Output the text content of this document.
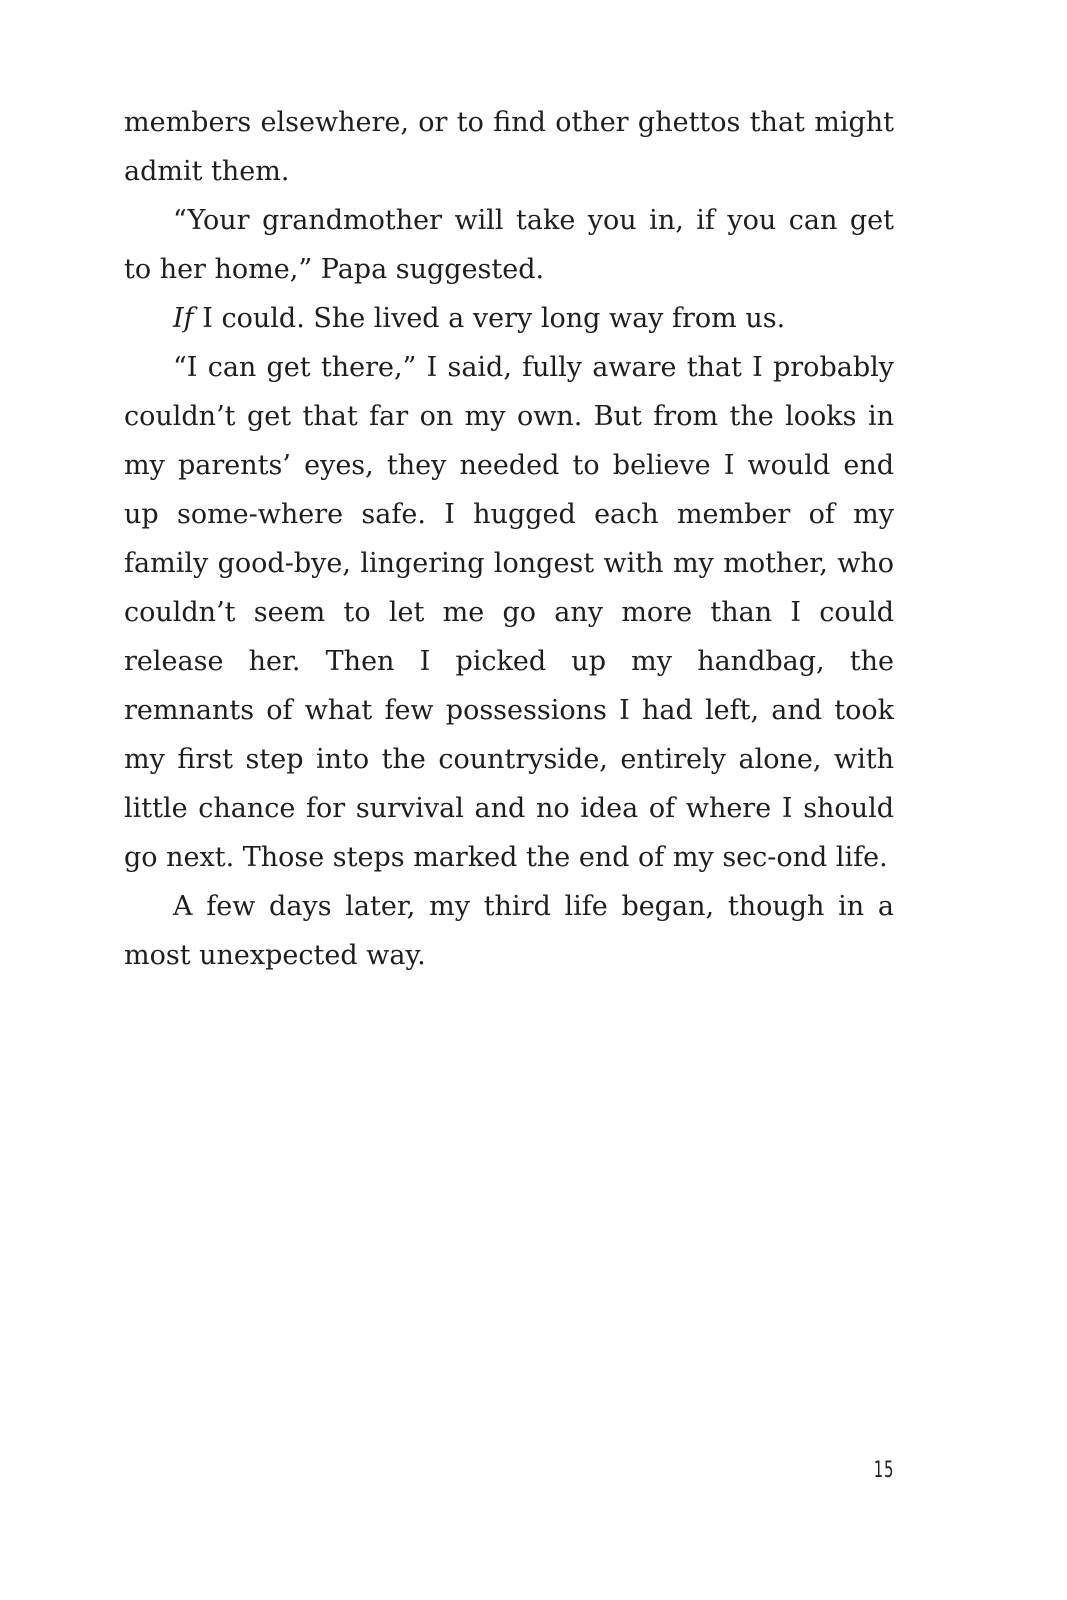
members elsewhere, or to find other ghettos that might admit them.

“Your grandmother will take you in, if you can get to her home,” Papa suggested.

If I could. She lived a very long way from us.

“I can get there,” I said, fully aware that I probably couldn’t get that far on my own. But from the looks in my parents’ eyes, they needed to believe I would end up some-where safe. I hugged each member of my family good-bye, lingering longest with my mother, who couldn’t seem to let me go any more than I could release her. Then I picked up my handbag, the remnants of what few possessions I had left, and took my first step into the countryside, entirely alone, with little chance for survival and no idea of where I should go next. Those steps marked the end of my sec-ond life.

A few days later, my third life began, though in a most unexpected way.

15
